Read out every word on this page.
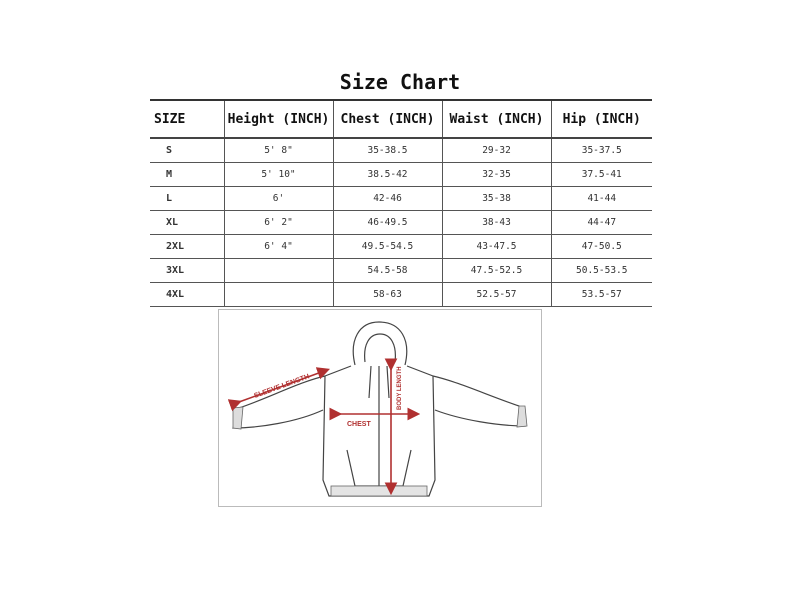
Size Chart
SIZE	Height (INCH)	Chest (INCH)	Waist (INCH)	Hip (INCH)
S	5' 8"	35-38.5	29-32	35-37.5
M	5' 10"	38.5-42	32-35	37.5-41
L	6'	42-46	35-38	41-44
XL	6' 2"	46-49.5	38-43	44-47
2XL	6' 4"	49.5-54.5	43-47.5	47-50.5
3XL		54.5-58	47.5-52.5	50.5-53.5
4XL		58-63	52.5-57	53.5-57
SLEEVE LENGTH
CHEST
BODY LENGTH
